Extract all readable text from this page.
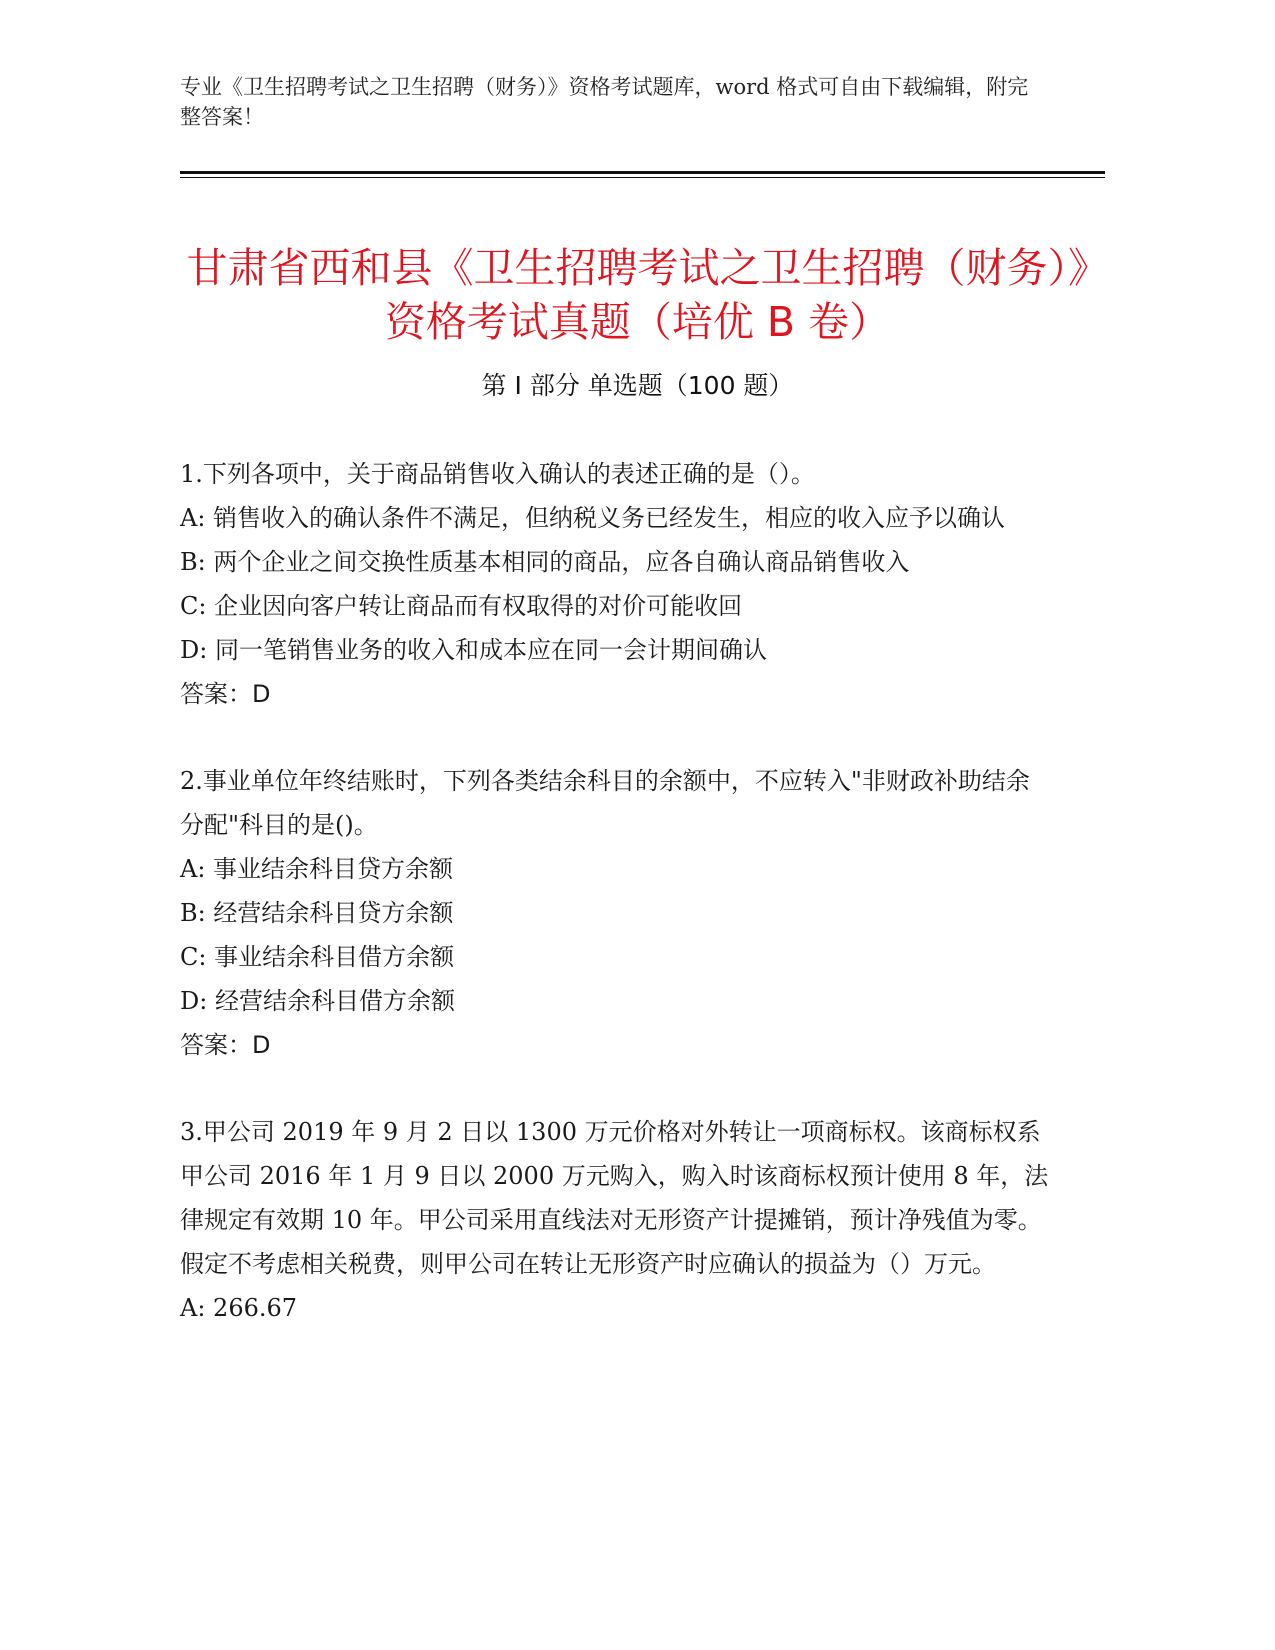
专业《卫生招聘考试之卫生招聘（财务）》资格考试题库，word 格式可自由下载编辑，附完整答案！
甘肃省西和县《卫生招聘考试之卫生招聘（财务）》资格考试真题（培优 B 卷）
第 I 部分 单选题（100 题）

1.下列各项中，关于商品销售收入确认的表述正确的是（）。

A: 销售收入的确认条件不满足，但纳税义务已经发生，相应的收入应予以确认

B: 两个企业之间交换性质基本相同的商品，应各自确认商品销售收入

C: 企业因向客户转让商品而有权取得的对价可能收回

D: 同一笔销售业务的收入和成本应在同一会计期间确认

答案：D

2.事业单位年终结账时，下列各类结余科目的余额中，不应转入"非财政补助结余分配"科目的是()。

A: 事业结余科目贷方余额

B: 经营结余科目贷方余额

C: 事业结余科目借方余额

D: 经营结余科目借方余额

答案：D

3.甲公司 2019 年 9 月 2 日以 1300 万元价格对外转让一项商标权。该商标权系甲公司 2016 年 1 月 9 日以 2000 万元购入，购入时该商标权预计使用 8 年，法律规定有效期 10 年。甲公司采用直线法对无形资产计提摊销，预计净残值为零。假定不考虑相关税费，则甲公司在转让无形资产时应确认的损益为（）万元。

A: 266.67
